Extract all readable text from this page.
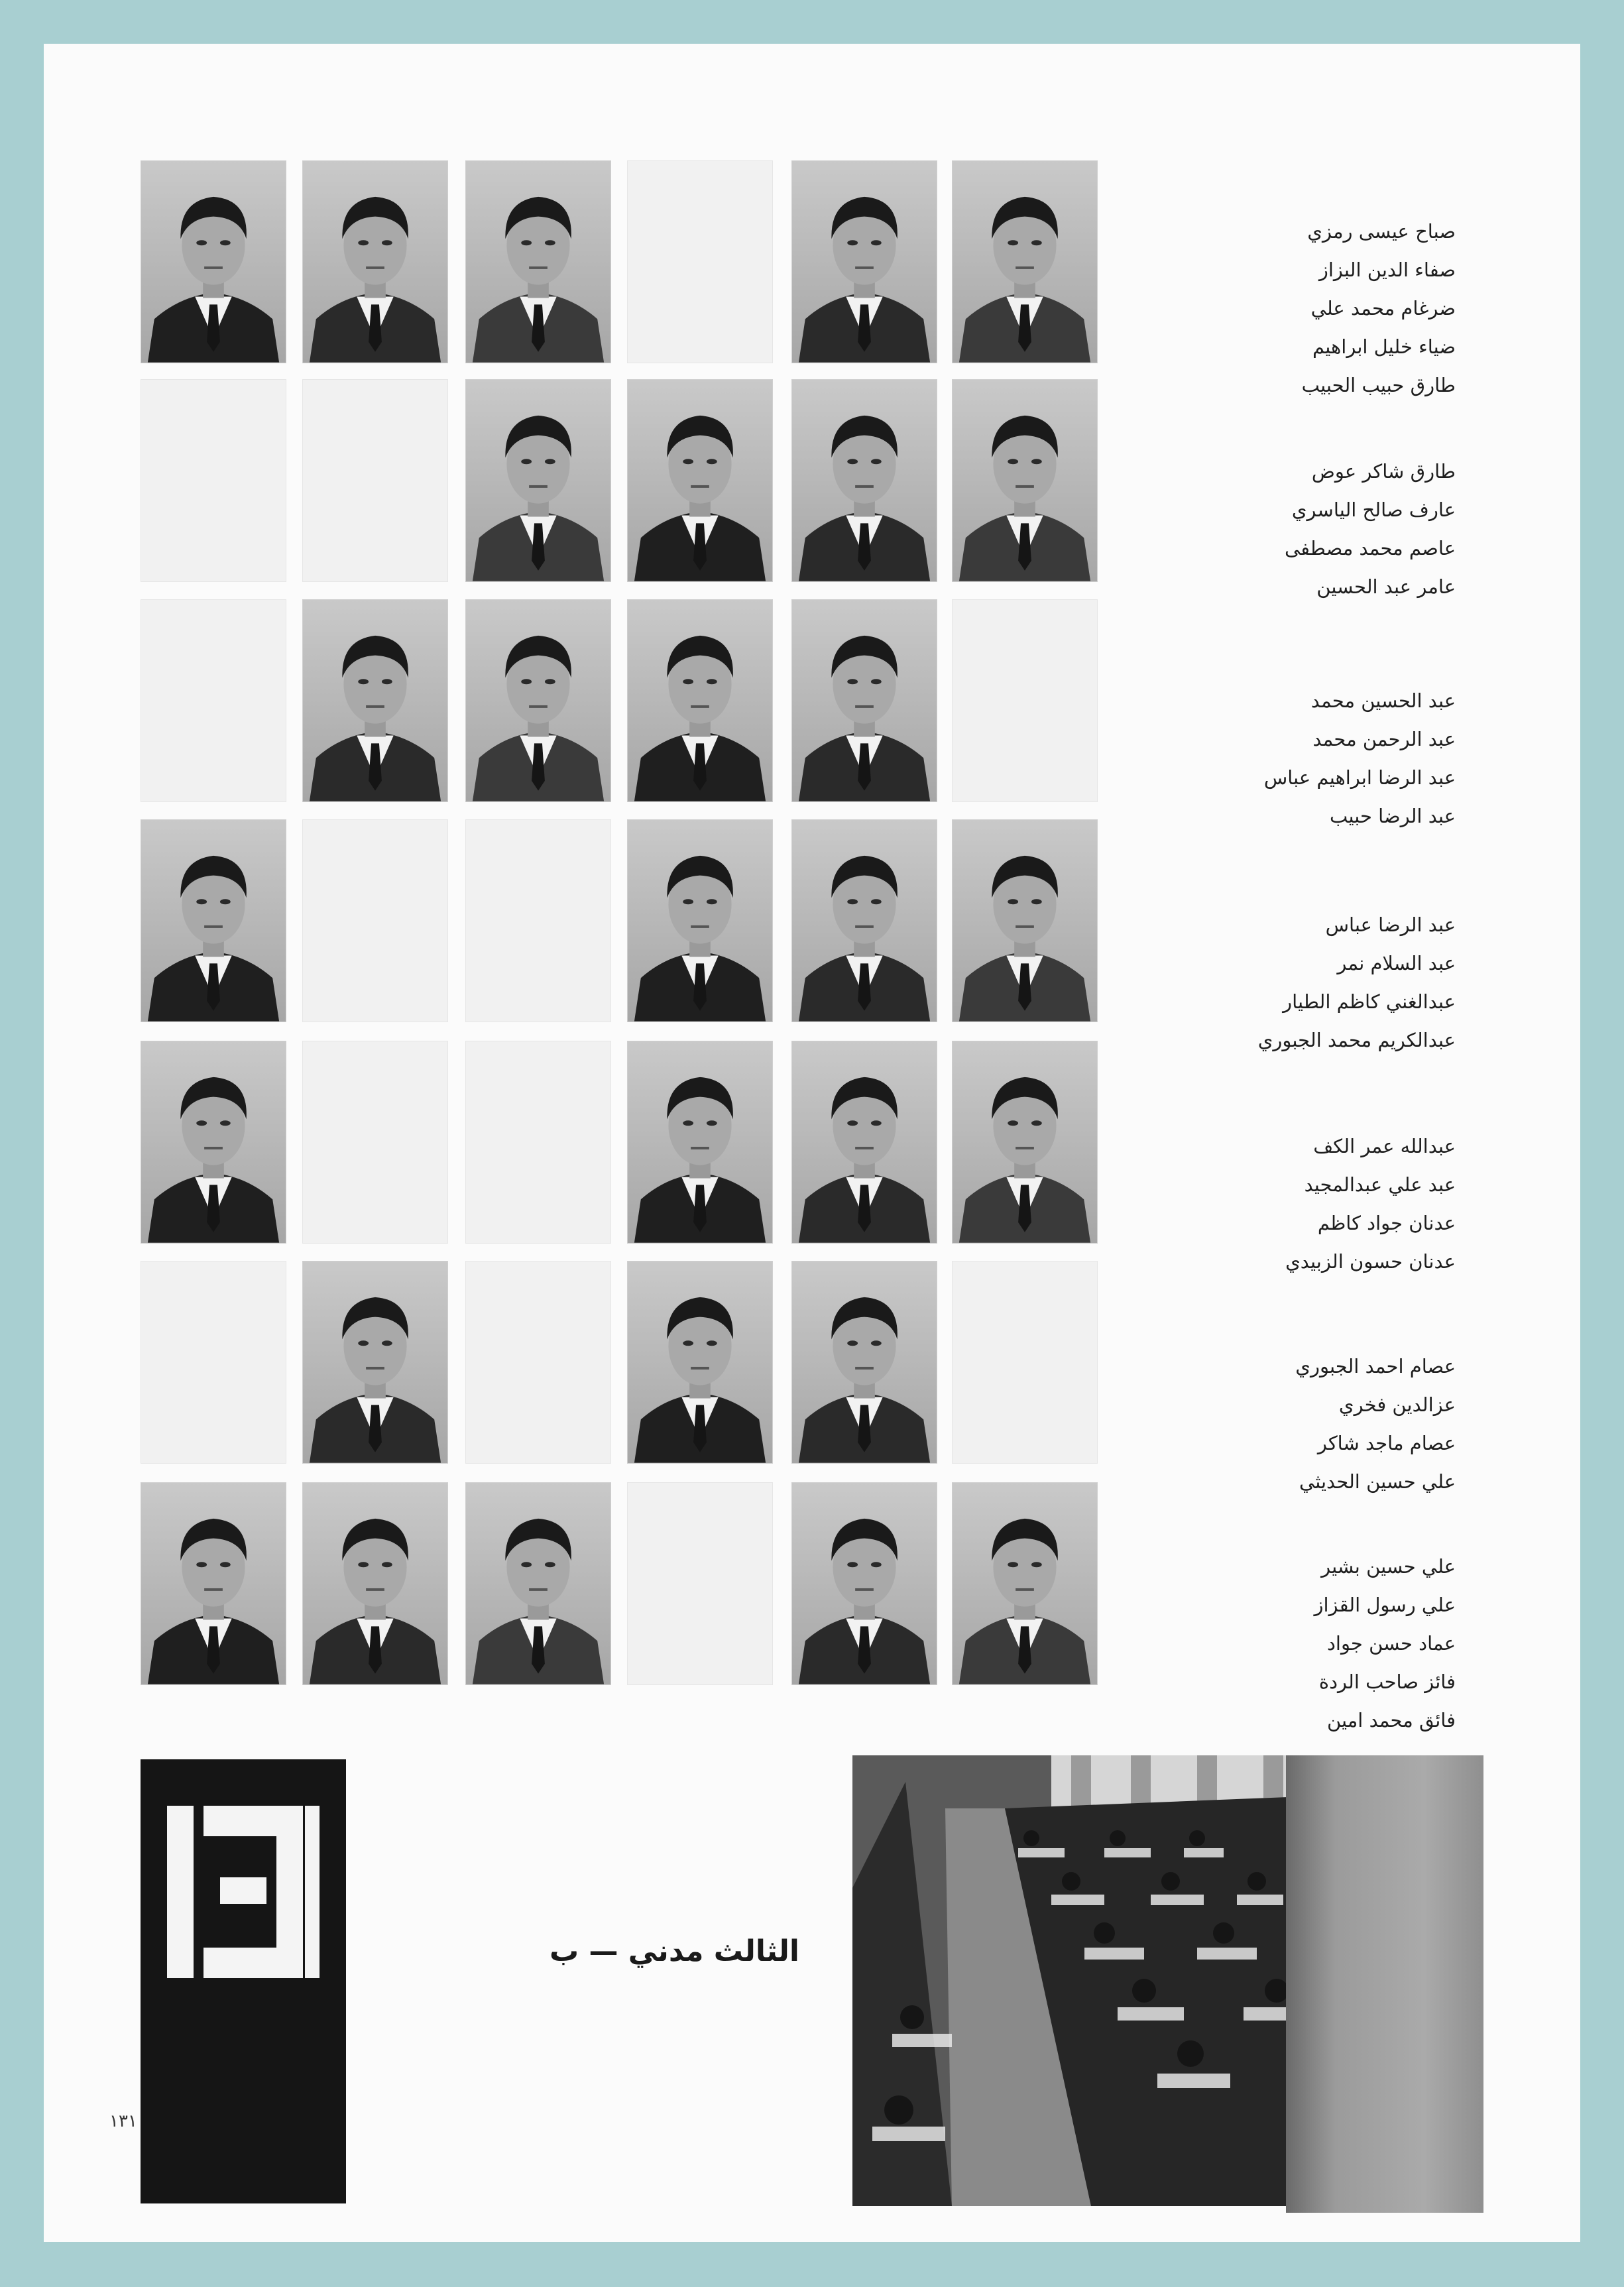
صباح عيسى رمزي
صفاء الدين البزاز
ضرغام محمد علي
ضياء خليل ابراهيم
طارق حبيب الحبيب
طارق شاكر عوض
عارف صالح الياسري
عاصم محمد مصطفى
عامر عبد الحسين
عبد الحسين محمد
عبد الرحمن محمد
عبد الرضا ابراهيم عباس
عبد الرضا حبيب
عبد الرضا عباس
عبد السلام نمر
عبدالغني كاظم الطيار
عبدالكريم محمد الجبوري
عبدالله عمر الكف
عبد علي عبدالمجيد
عدنان جواد كاظم
عدنان حسون الزبيدي
عصام احمد الجبوري
عزالدين فخري
عصام ماجد شاكر
علي حسين الحديثي
علي حسين بشير
علي رسول القزاز
عماد حسن جواد
فائز صاحب الردة
فائق محمد امين
١٣١
الثالث مدني — ب
